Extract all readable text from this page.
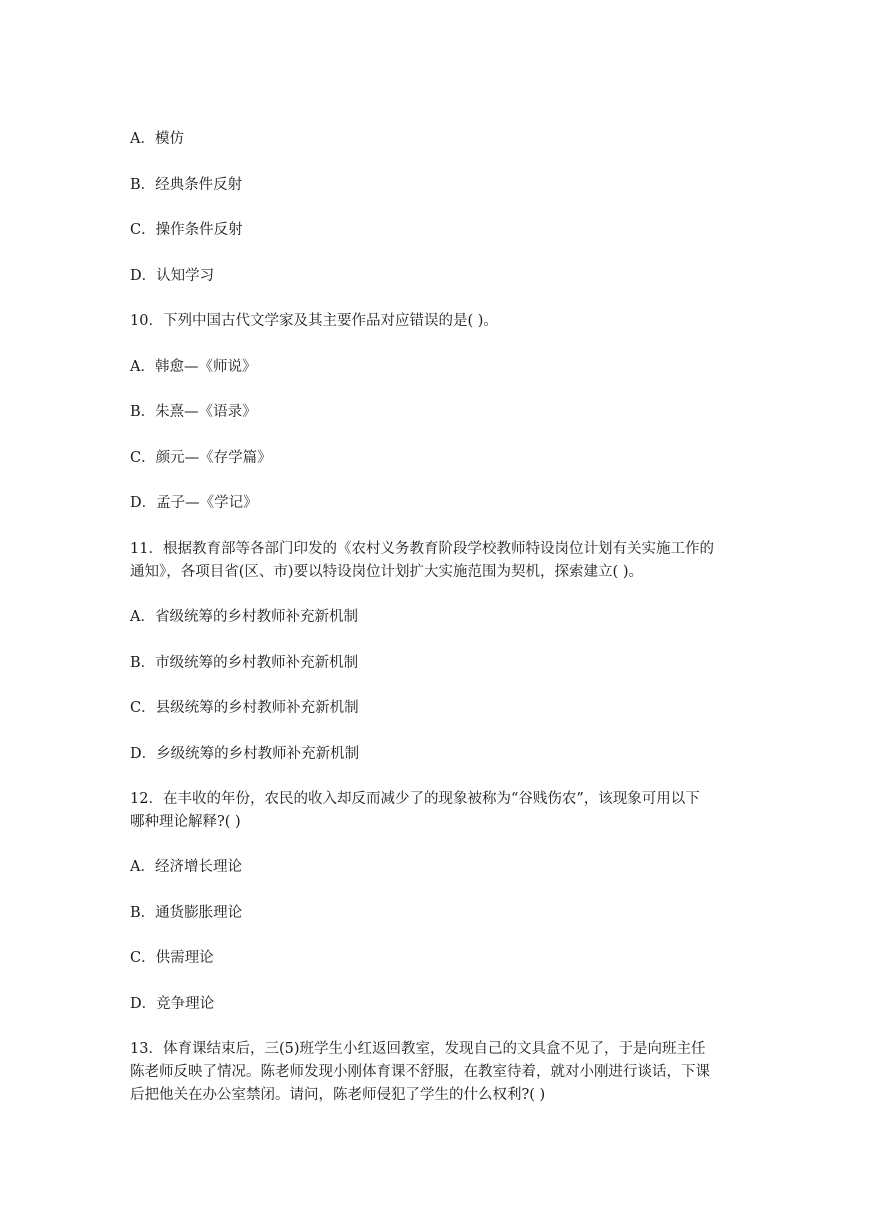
A．模仿
B．经典条件反射
C．操作条件反射
D．认知学习
10．下列中国古代文学家及其主要作品对应错误的是( )。
A．韩愈—《师说》
B．朱熹—《语录》
C．颜元—《存学篇》
D．孟子—《学记》
11．根据教育部等各部门印发的《农村义务教育阶段学校教师特设岗位计划有关实施工作的
通知》，各项目省(区、市)要以特设岗位计划扩大实施范围为契机，探索建立( )。
A．省级统筹的乡村教师补充新机制
B．市级统筹的乡村教师补充新机制
C．县级统筹的乡村教师补充新机制
D．乡级统筹的乡村教师补充新机制
12．在丰收的年份，农民的收入却反而减少了的现象被称为“谷贱伤农”，该现象可用以下
哪种理论解释?( )
A．经济增长理论
B．通货膨胀理论
C．供需理论
D．竞争理论
13．体育课结束后，三(5)班学生小红返回教室，发现自己的文具盒不见了，于是向班主任
陈老师反映了情况。陈老师发现小刚体育课不舒服，在教室待着，就对小刚进行谈话，下课
后把他关在办公室禁闭。请问，陈老师侵犯了学生的什么权利?( )
